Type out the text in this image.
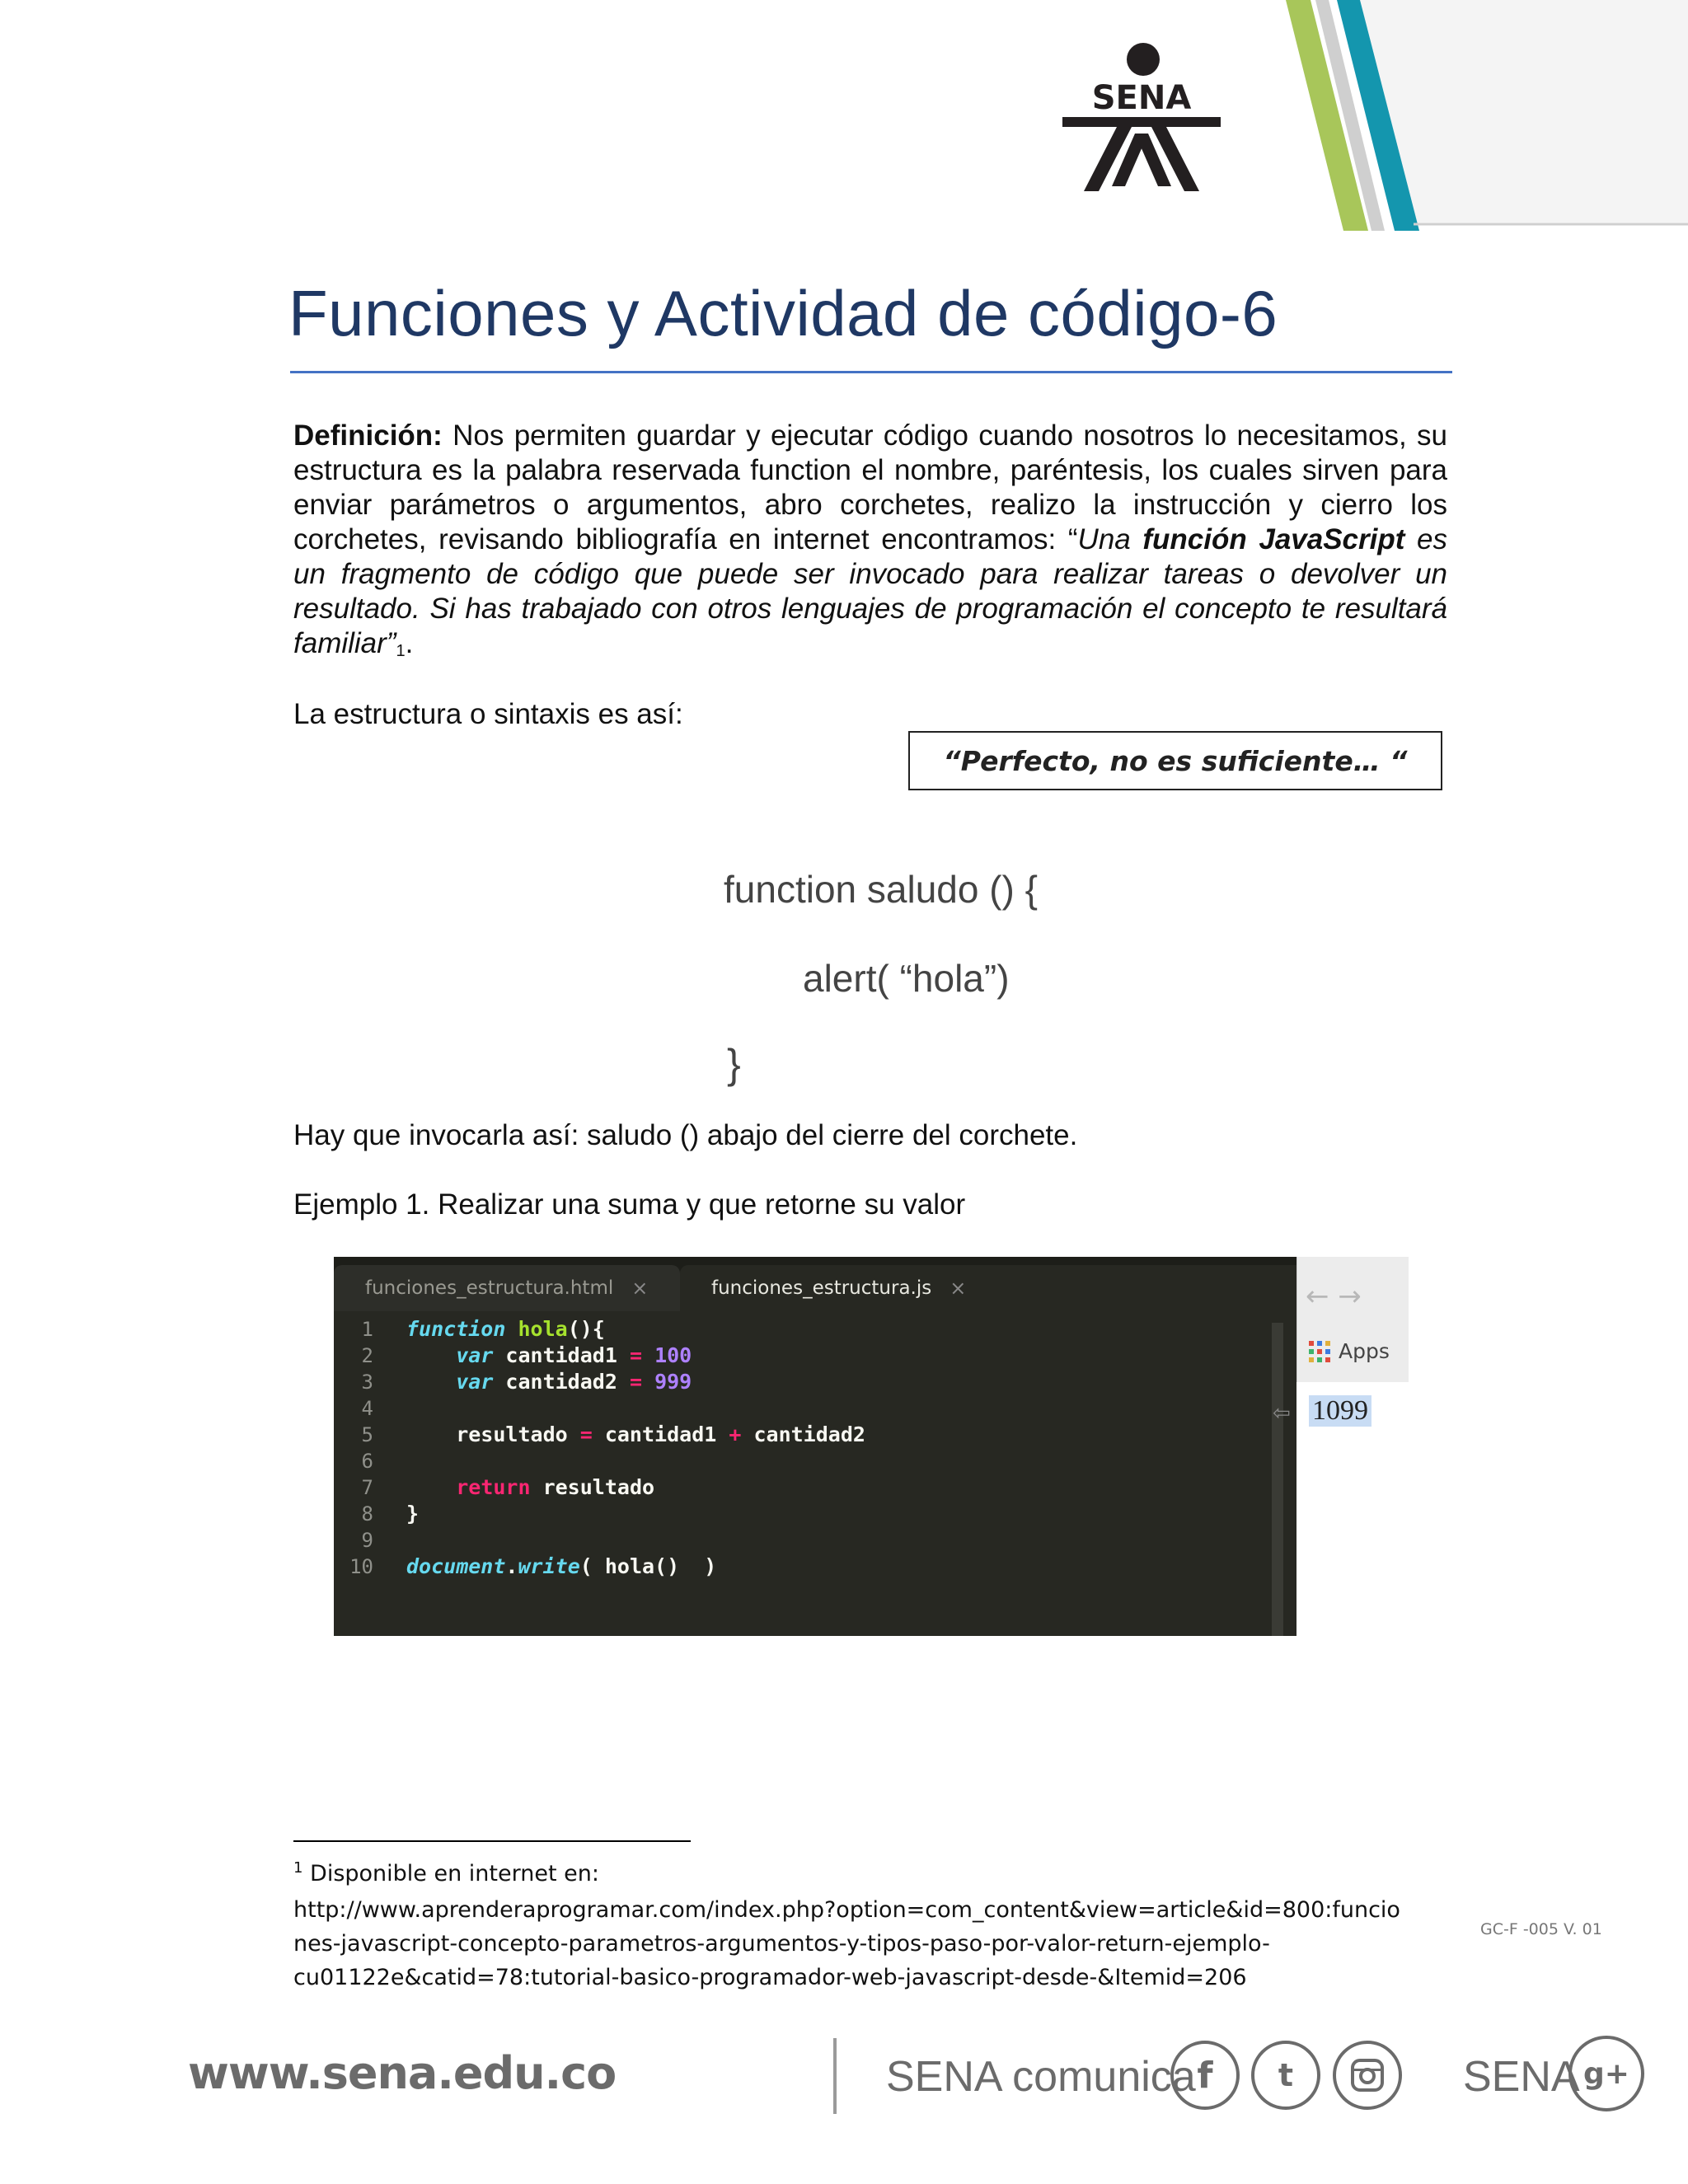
SENA
Funciones y Actividad de código-6
Definición: Nos permiten guardar y ejecutar código cuando nosotros lo necesitamos, su estructura es la palabra reservada function el nombre, paréntesis, los cuales sirven para enviar parámetros o argumentos, abro corchetes, realizo la instrucción y cierro los corchetes, revisando bibliografía en internet encontramos: “Una función JavaScript es un fragmento de código que puede ser invocado para realizar tareas o devolver un resultado. Si has trabajado con otros lenguajes de programación el concepto te resultará familiar”1.
La estructura o sintaxis es así:
“Perfecto, no es suficiente… “
function saludo () {
alert( “hola”)
}
Hay que invocarla así: saludo () abajo del cierre del corchete.
Ejemplo 1. Realizar una suma y que retorne su valor
funciones_estructura.html ×	funciones_estructura.js ×
1
2
3
4
5
6
7
8
9
10
function hola(){
var cantidad1 = 100
var cantidad2 = 999
resultado = cantidad1 + cantidad2
return resultado
}
document.write( hola()  )
← →
Apps
⇦ 1099
$^1$ Disponible en internet en:
http://www.aprenderaprogramar.com/index.php?option=com_content&view=article&id=800:funcio
nes-javascript-concepto-parametros-argumentos-y-tipos-paso-por-valor-return-ejemplo-
cu01122e&catid=78:tutorial-basico-programador-web-javascript-desde-&Itemid=206
GC-F -005 V. 01
www.sena.edu.co	SENA comunica f	t	SENA g+
